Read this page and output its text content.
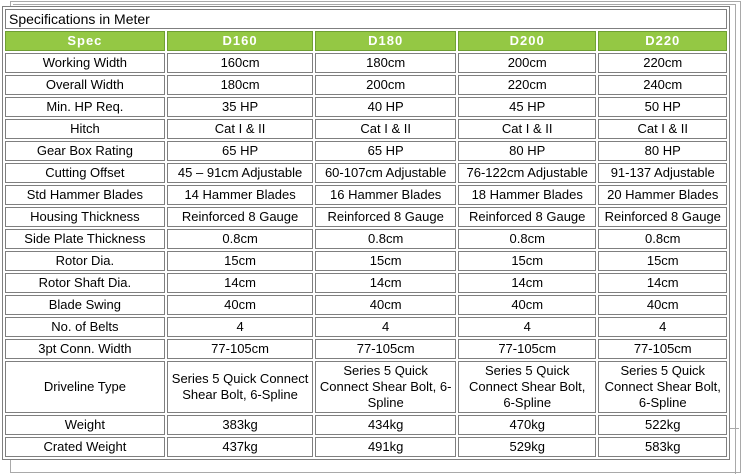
Specifications in Meter				
Spec	D160	D180	D200	D220
Working Width	160cm	180cm	200cm	220cm
Overall Width	180cm	200cm	220cm	240cm
Min. HP Req.	35 HP	40 HP	45 HP	50 HP
Hitch	Cat I & II	Cat I & II	Cat I & II	Cat I & II
Gear Box Rating	65 HP	65 HP	80 HP	80 HP
Cutting Offset	45 – 91cm Adjustable	60-107cm Adjustable	76-122cm Adjustable	91-137 Adjustable
Std Hammer Blades	14 Hammer Blades	16 Hammer Blades	18 Hammer Blades	20 Hammer Blades
Housing Thickness	Reinforced 8 Gauge	Reinforced 8 Gauge	Reinforced 8 Gauge	Reinforced 8 Gauge
Side Plate Thickness	0.8cm	0.8cm	0.8cm	0.8cm
Rotor Dia.	15cm	15cm	15cm	15cm
Rotor Shaft Dia.	14cm	14cm	14cm	14cm
Blade Swing	40cm	40cm	40cm	40cm
No. of Belts	4	4	4	4
3pt Conn. Width	77-105cm	77-105cm	77-105cm	77-105cm
Driveline Type	Series 5 Quick Connect Shear Bolt, 6-Spline	Series 5 Quick Connect Shear Bolt, 6-Spline	Series 5 Quick Connect Shear Bolt, 6-Spline	Series 5 Quick Connect Shear Bolt, 6-Spline
Weight	383kg	434kg	470kg	522kg
Crated Weight	437kg	491kg	529kg	583kg
